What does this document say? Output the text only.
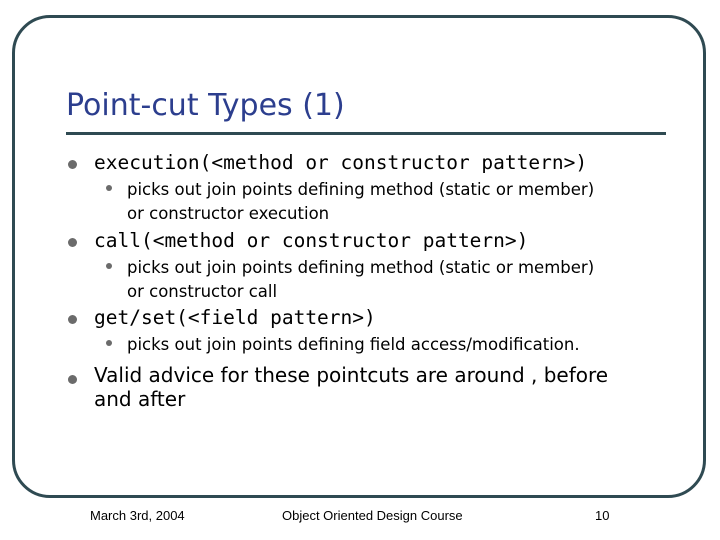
Point-cut Types (1)
execution(<method or constructor pattern>)
picks out join points defining method (static or member)
or constructor execution
call(<method or constructor pattern>)
picks out join points defining method (static or member)
or constructor call
get/set(<field pattern>)
picks out join points defining field access/modification.
Valid advice for these pointcuts are around , before
and after
March 3rd, 2004	Object Oriented Design Course	10
